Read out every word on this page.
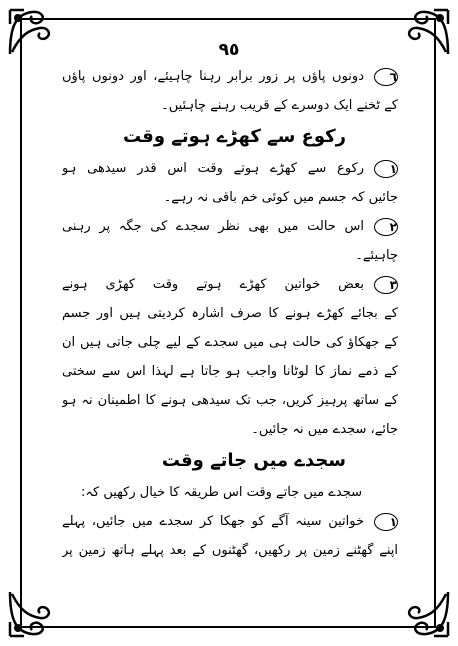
٩٥
٦دونوں پاؤں پر زور برابر رہنا چاہیئے، اور دونوں پاؤں
کے ٹخنے ایک دوسرے کے قریب رہنے چاہئیں۔
رکوع سے کھڑے ہوتے وقت
١رکوع سے کھڑے ہوتے وقت اس قدر سیدھی ہو
جائیں کہ جسم میں کوئی خم باقی نہ رہے۔
٢اس حالت میں بھی نظر سجدے کی جگہ پر رہنی
چاہیئے۔
٣بعض خواتین کھڑے ہوتے وقت کھڑی ہونے
کے بجائے کھڑے ہونے کا صرف اشارہ کردیتی ہیں اور جسم
کے جھکاؤ کی حالت ہی میں سجدے کے لیے چلی جاتی ہیں ان
کے ذمے نماز کا لوٹانا واجب ہو جاتا ہے لہذا اس سے سختی
کے ساتھ پرہیز کریں، جب تک سیدھی ہونے کا اطمینان نہ ہو
جائے، سجدے میں نہ جائیں۔
سجدے میں جاتے وقت
سجدے میں جاتے وقت اس طریقہ کا خیال رکھیں کہ:
١خواتین سینہ آگے کو جھکا کر سجدے میں جائیں، پہلے
اپنے گھٹنے زمین پر رکھیں، گھٹنوں کے بعد پہلے ہاتھ زمین پر
